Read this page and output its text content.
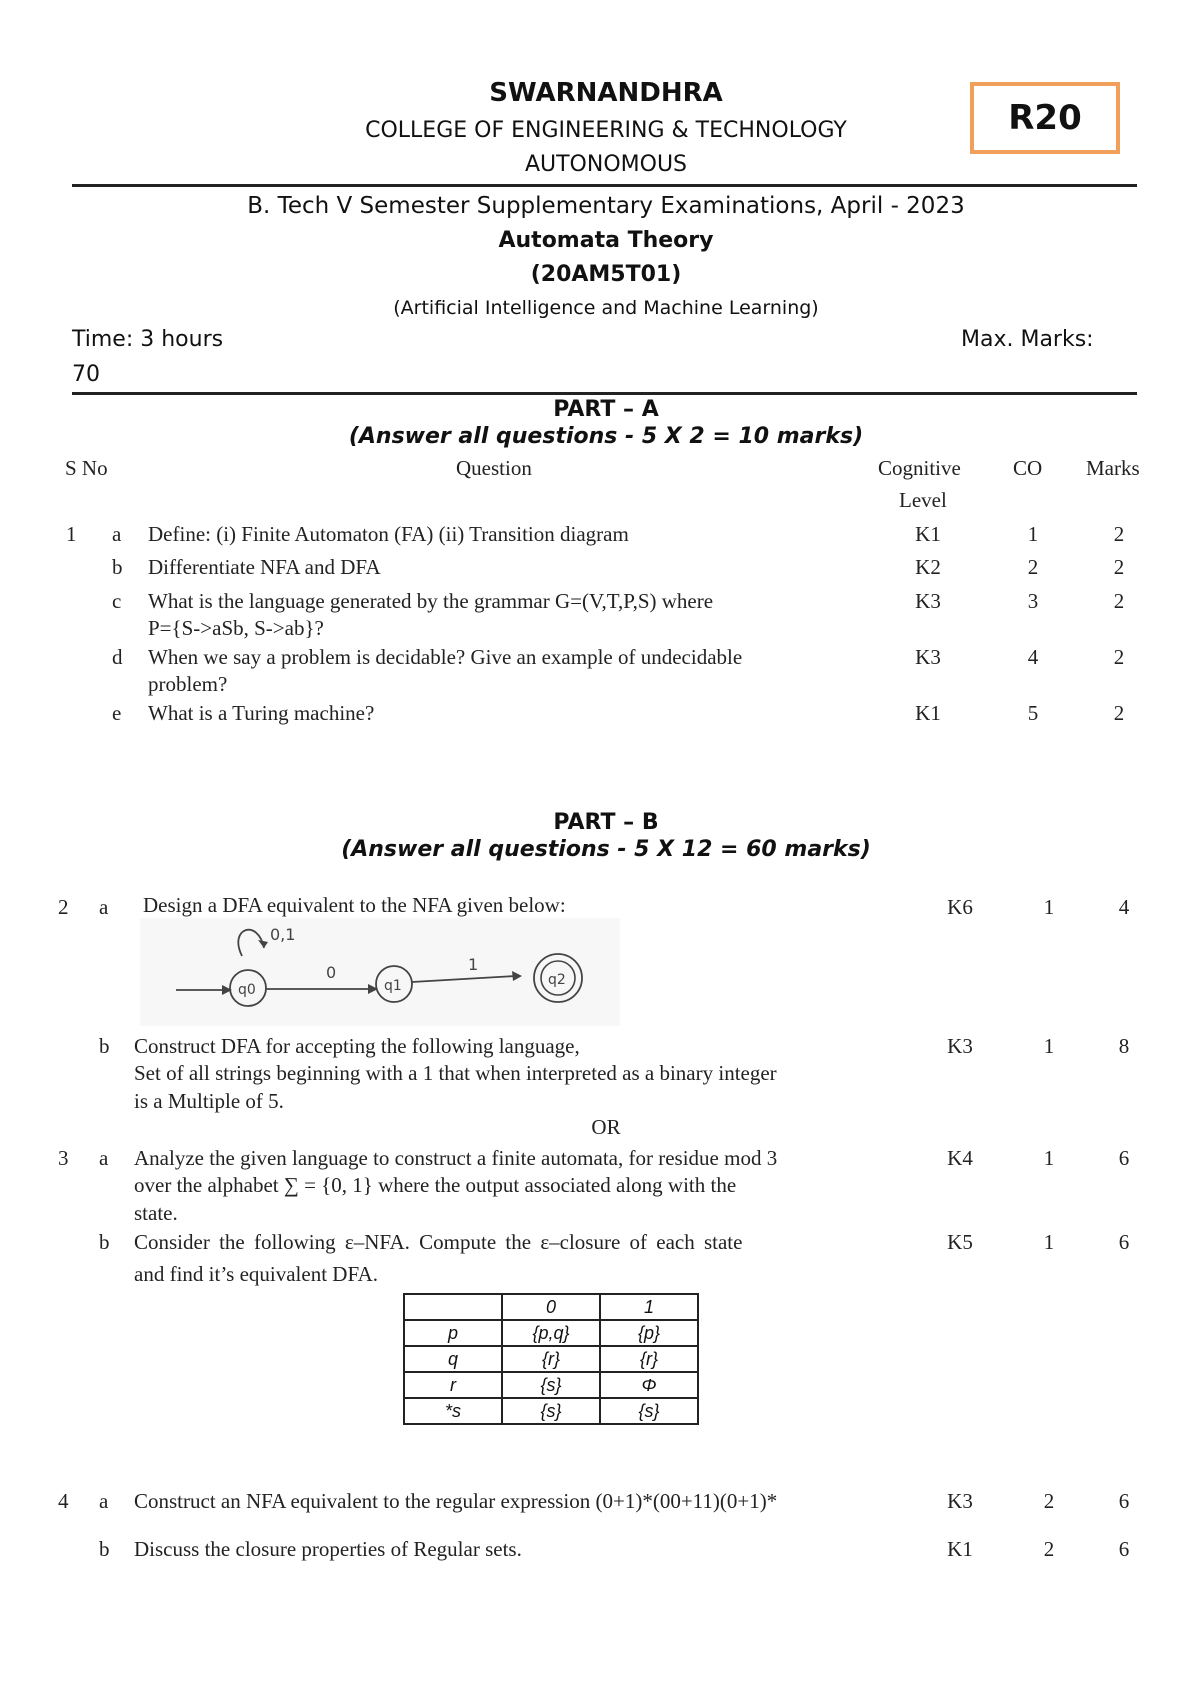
SWARNANDHRA
COLLEGE OF ENGINEERING & TECHNOLOGY
AUTONOMOUS
R20
B. Tech V Semester Supplementary Examinations, April - 2023
Automata Theory
(20AM5T01)
(Artificial Intelligence and Machine Learning)
Time: 3 hours	Max. Marks:
70
PART – A
(Answer all questions - 5 X 2 = 10 marks)
S No	Question	Cognitive
Level
CO Marks
1 a Define: (i) Finite Automaton (FA) (ii) Transition diagram	K1	1	2
b Differentiate NFA and DFA	K2	2	2
c What is the language generated by the grammar G=(V,T,P,S) where
P={S->aSb, S->ab}?
K3	3	2
d When we say a problem is decidable? Give an example of undecidable
problem?
K3	4	2
e What is a Turing machine?	K1	5	2
PART – B
(Answer all questions - 5 X 12 = 60 marks)
2 a Design a DFA equivalent to the NFA given below:	K6	1	4
0,1
q0
0
q1
1
q2
b Construct DFA for accepting the following language,
Set of all strings beginning with a 1 that when interpreted as a binary integer
is a Multiple of 5.
K3	1	8
OR
3 a Analyze the given language to construct a finite automata, for residue mod 3
over the alphabet ∑ = {0, 1} where the output associated along with the
state.
K4	1	6
b Consider the following ε–NFA. Compute the ε–closure of each state
and find it’s equivalent DFA.
K5	1	6
	0	1
p	{p,q}	{p}
q	{r}	{r}
r	{s}	Φ
*s	{s}	{s}
4 a Construct an NFA equivalent to the regular expression (0+1)*(00+11)(0+1)*	K3	2	6
b Discuss the closure properties of Regular sets.	K1	2	6
